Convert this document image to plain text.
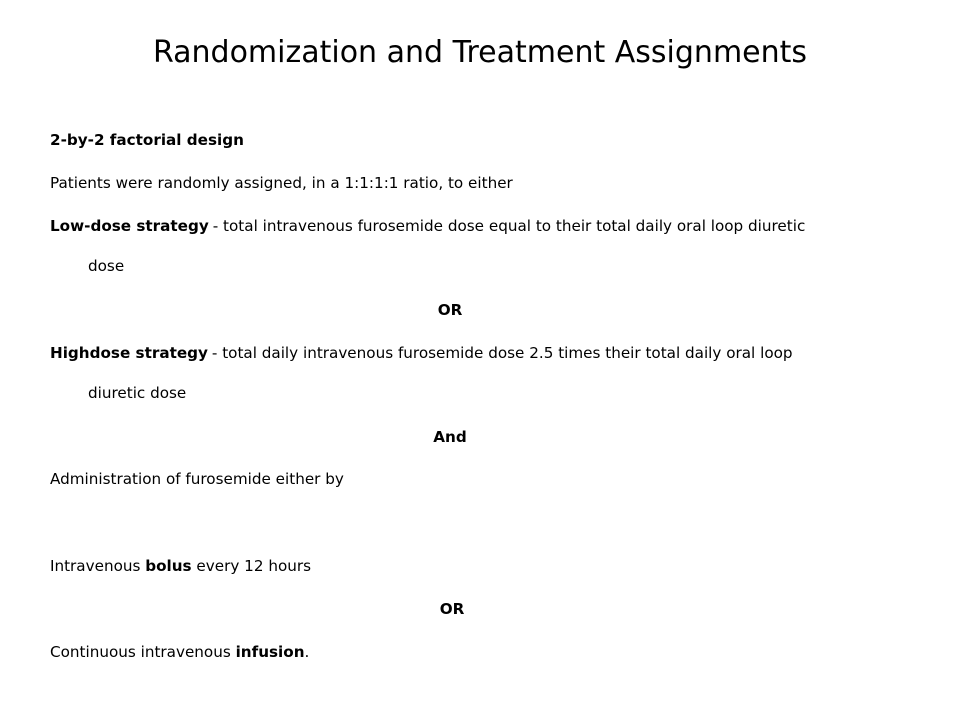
Randomization and Treatment Assignments
2-by-2 factorial design
Patients were randomly assigned, in a 1:1:1:1 ratio, to either
Low-dose strategy - total intravenous furosemide dose equal to their total daily oral loop diuretic
dose
OR
Highdose strategy - total daily intravenous furosemide dose 2.5 times their total daily oral loop
diuretic dose
And
Administration of furosemide either by
Intravenous bolus every 12 hours
OR
Continuous intravenous infusion.
